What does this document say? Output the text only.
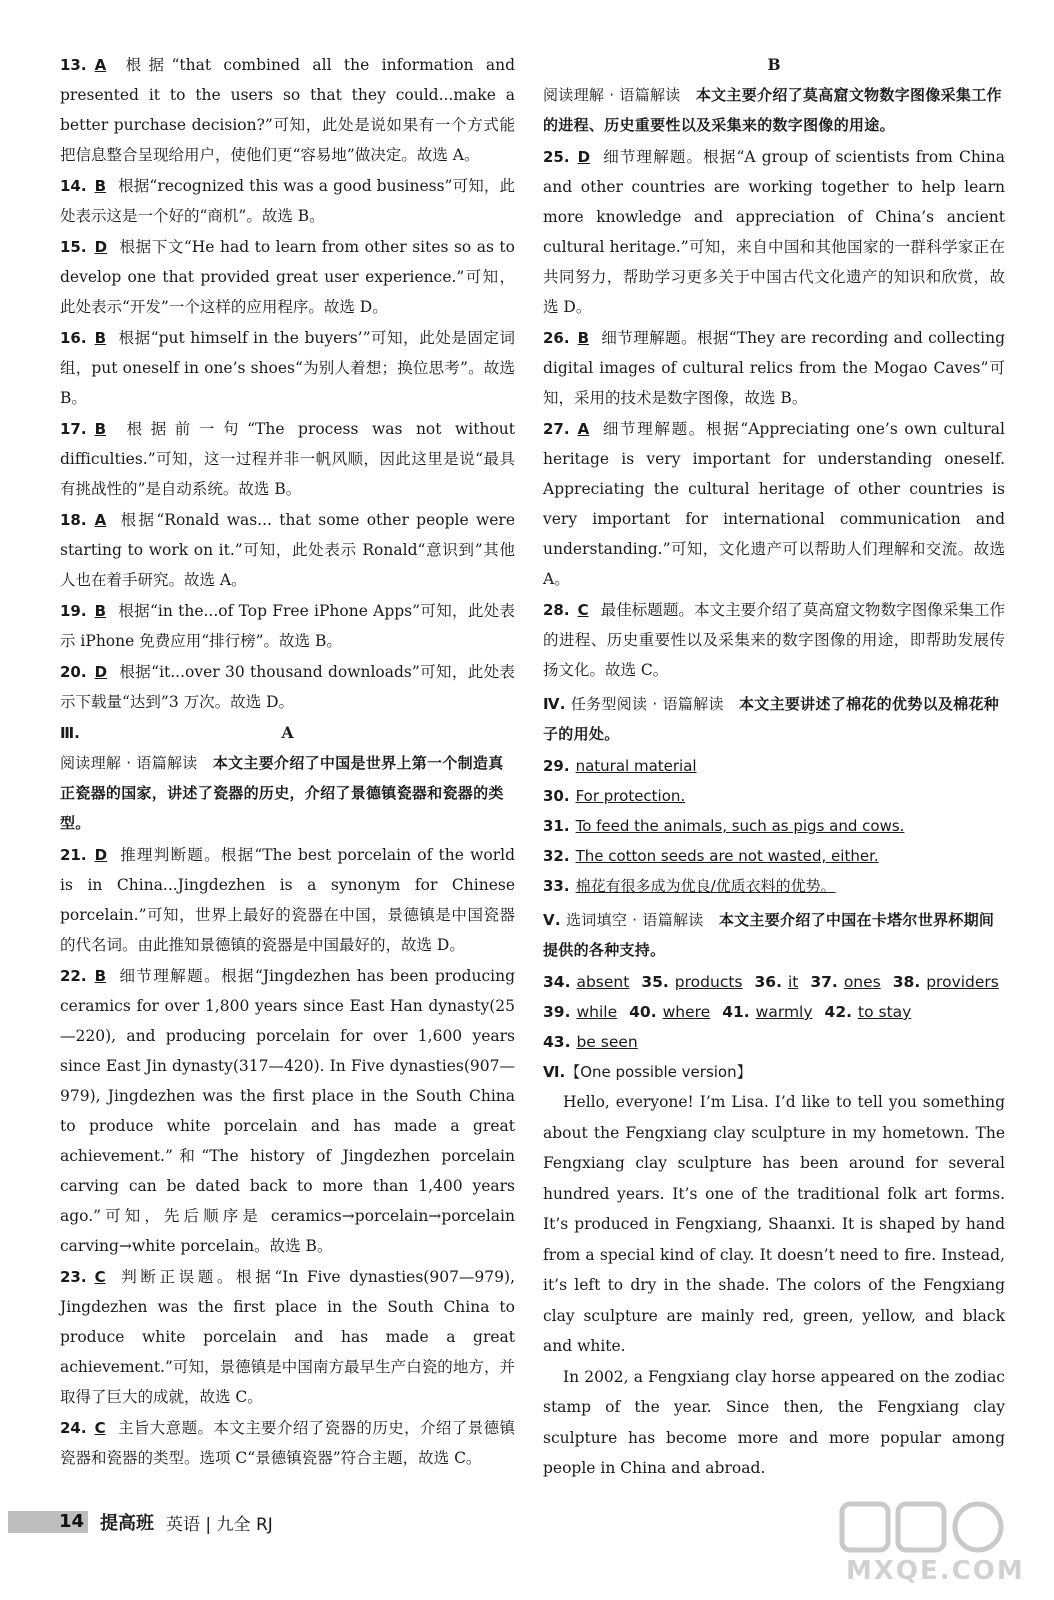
13. A 根据“that combined all the information and presented it to the users so that they could...make a better purchase decision?”可知，此处是说如果有一个方式能把信息整合呈现给用户，使他们更“容易地”做决定。故选 A。
14. B 根据“recognized this was a good business”可知，此处表示这是一个好的“商机”。故选 B。
15. D 根据下文“He had to learn from other sites so as to develop one that provided great user experience.”可知，此处表示“开发”一个这样的应用程序。故选 D。
16. B 根据“put himself in the buyers’”可知，此处是固定词组，put oneself in one’s shoes“为别人着想；换位思考”。故选 B。
17. B 根据前一句“The process was not without difficulties.”可知，这一过程并非一帆风顺，因此这里是说“最具有挑战性的”是自动系统。故选 B。
18. A 根据“Ronald was... that some other people were starting to work on it.”可知，此处表示 Ronald“意识到”其他人也在着手研究。故选 A。
19. B 根据“in the...of Top Free iPhone Apps”可知，此处表示 iPhone 免费应用“排行榜”。故选 B。
20. D 根据“it...over 30 thousand downloads”可知，此处表示下载量“达到”3 万次。故选 D。
Ⅲ.	A
阅读理解 · 语篇解读 本文主要介绍了中国是世界上第一个制造真正瓷器的国家，讲述了瓷器的历史，介绍了景德镇瓷器和瓷器的类型。
21. D 推理判断题。根据“The best porcelain of the world is in China...Jingdezhen is a synonym for Chinese porcelain.”可知，世界上最好的瓷器在中国，景德镇是中国瓷器的代名词。由此推知景德镇的瓷器是中国最好的，故选 D。
22. B 细节理解题。根据“Jingdezhen has been producing ceramics for over 1,800 years since East Han dynasty(25—220), and producing porcelain for over 1,600 years since East Jin dynasty(317—420). In Five dynasties(907—979), Jingdezhen was the first place in the South China to produce white porcelain and has made a great achievement.”和“The history of Jingdezhen porcelain carving can be dated back to more than 1,400 years ago.”可知，先后顺序是 ceramics→porcelain→porcelain carving→white porcelain。故选 B。
23. C 判断正误题。根据“In Five dynasties(907—979), Jingdezhen was the first place in the South China to produce white porcelain and has made a great achievement.”可知，景德镇是中国南方最早生产白瓷的地方，并取得了巨大的成就，故选 C。
24. C 主旨大意题。本文主要介绍了瓷器的历史，介绍了景德镇瓷器和瓷器的类型。选项 C“景德镇瓷器”符合主题，故选 C。
B
阅读理解 · 语篇解读 本文主要介绍了莫高窟文物数字图像采集工作的进程、历史重要性以及采集来的数字图像的用途。
25. D 细节理解题。根据“A group of scientists from China and other countries are working together to help learn more knowledge and appreciation of China’s ancient cultural heritage.”可知，来自中国和其他国家的一群科学家正在共同努力，帮助学习更多关于中国古代文化遗产的知识和欣赏，故选 D。
26. B 细节理解题。根据“They are recording and collecting digital images of cultural relics from the Mogao Caves”可知，采用的技术是数字图像，故选 B。
27. A 细节理解题。根据“Appreciating one’s own cultural heritage is very important for understanding oneself. Appreciating the cultural heritage of other countries is very important for international communication and understanding.”可知，文化遗产可以帮助人们理解和交流。故选 A。
28. C 最佳标题题。本文主要介绍了莫高窟文物数字图像采集工作的进程、历史重要性以及采集来的数字图像的用途，即帮助发展传扬文化。故选 C。
Ⅳ. 任务型阅读 · 语篇解读 本文主要讲述了棉花的优势以及棉花种子的用处。
29. natural material
30. For protection.
31. To feed the animals, such as pigs and cows.
32. The cotton seeds are not wasted, either.
33. 棉花有很多成为优良/优质衣料的优势。
Ⅴ. 选词填空 · 语篇解读 本文主要介绍了中国在卡塔尔世界杯期间提供的各种支持。
34. absent 35. products 36. it 37. ones 38. providers
39. while 40. where 41. warmly 42. to stay
43. be seen
Ⅵ.【One possible version】

Hello, everyone! I’m Lisa. I’d like to tell you something about the Fengxiang clay sculpture in my hometown. The Fengxiang clay sculpture has been around for several hundred years. It’s one of the traditional folk art forms. It’s produced in Fengxiang, Shaanxi. It is shaped by hand from a special kind of clay. It doesn’t need to fire. Instead, it’s left to dry in the shade. The colors of the Fengxiang clay sculpture are mainly red, green, yellow, and black and white.

In 2002, a Fengxiang clay horse appeared on the zodiac stamp of the year. Since then, the Fengxiang clay sculpture has become more and more popular among people in China and abroad.

14 提高班 英语 | 九全 RJ
MXQE.COM
